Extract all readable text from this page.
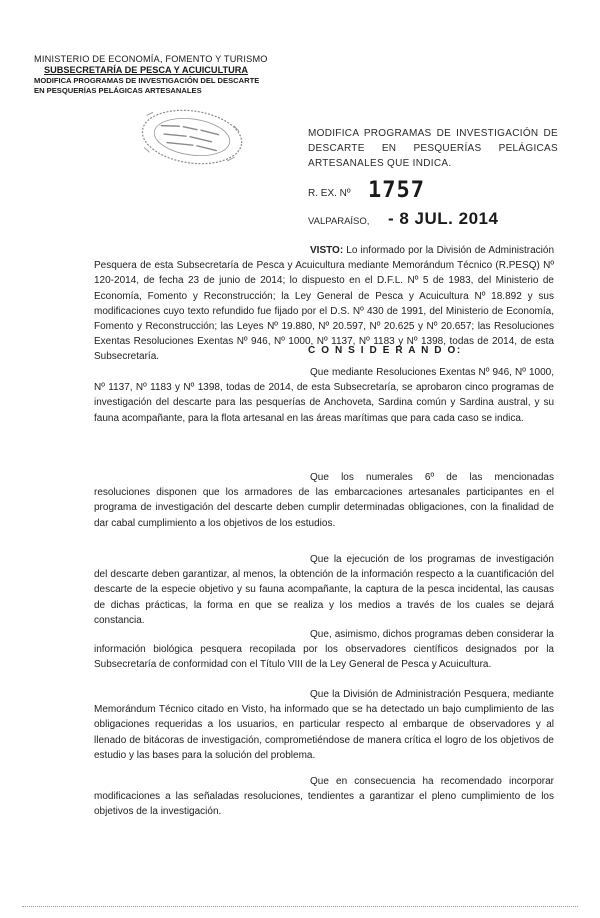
MINISTERIO DE ECONOMÍA, FOMENTO Y TURISMO
SUBSECRETARÍA DE PESCA Y ACUICULTURA
MODIFICA PROGRAMAS DE INVESTIGACIÓN DEL DESCARTE
EN PESQUERÍAS PELÁGICAS ARTESANALES
MODIFICA PROGRAMAS DE INVESTIGACIÓN DE DESCARTE EN PESQUERÍAS PELÁGICAS ARTESANALES QUE INDICA.
R. EX. Nº 1757
VALPARAÍSO, - 8 JUL. 2014
VISTO: Lo informado por la División de Administración Pesquera de esta Subsecretaría de Pesca y Acuicultura mediante Memorándum Técnico (R.PESQ) Nº 120-2014, de fecha 23 de junio de 2014; lo dispuesto en el D.F.L. Nº 5 de 1983, del Ministerio de Economía, Fomento y Reconstrucción; la Ley General de Pesca y Acuicultura Nº 18.892 y sus modificaciones cuyo texto refundido fue fijado por el D.S. Nº 430 de 1991, del Ministerio de Economía, Fomento y Reconstrucción; las Leyes Nº 19.880, Nº 20.597, Nº 20.625 y Nº 20.657; las Resoluciones Exentas Resoluciones Exentas Nº 946, Nº 1000, Nº 1137, Nº 1183 y Nº 1398, todas de 2014, de esta Subsecretaría.
C O N S I D E R A N D O:
Que mediante Resoluciones Exentas Nº 946, Nº 1000, Nº 1137, Nº 1183 y Nº 1398, todas de 2014, de esta Subsecretaría, se aprobaron cinco programas de investigación del descarte para las pesquerías de Anchoveta, Sardina común y Sardina austral, y su fauna acompañante, para la flota artesanal en las áreas marítimas que para cada caso se indica.
Que los numerales 6º de las mencionadas resoluciones disponen que los armadores de las embarcaciones artesanales participantes en el programa de investigación del descarte deben cumplir determinadas obligaciones, con la finalidad de dar cabal cumplimiento a los objetivos de los estudios.
Que la ejecución de los programas de investigación del descarte deben garantizar, al menos, la obtención de la información respecto a la cuantificación del descarte de la especie objetivo y su fauna acompañante, la captura de la pesca incidental, las causas de dichas prácticas, la forma en que se realiza y los medios a través de los cuales se dejará constancia.
Que, asimismo, dichos programas deben considerar la información biológica pesquera recopilada por los observadores científicos designados por la Subsecretaría de conformidad con el Título VIII de la Ley General de Pesca y Acuicultura.
Que la División de Administración Pesquera, mediante Memorándum Técnico citado en Visto, ha informado que se ha detectado un bajo cumplimiento de las obligaciones requeridas a los usuarios, en particular respecto al embarque de observadores y al llenado de bitácoras de investigación, comprometiéndose de manera crítica el logro de los objetivos de estudio y las bases para la solución del problema.
Que en consecuencia ha recomendado incorporar modificaciones a las señaladas resoluciones, tendientes a garantizar el pleno cumplimiento de los objetivos de la investigación.
